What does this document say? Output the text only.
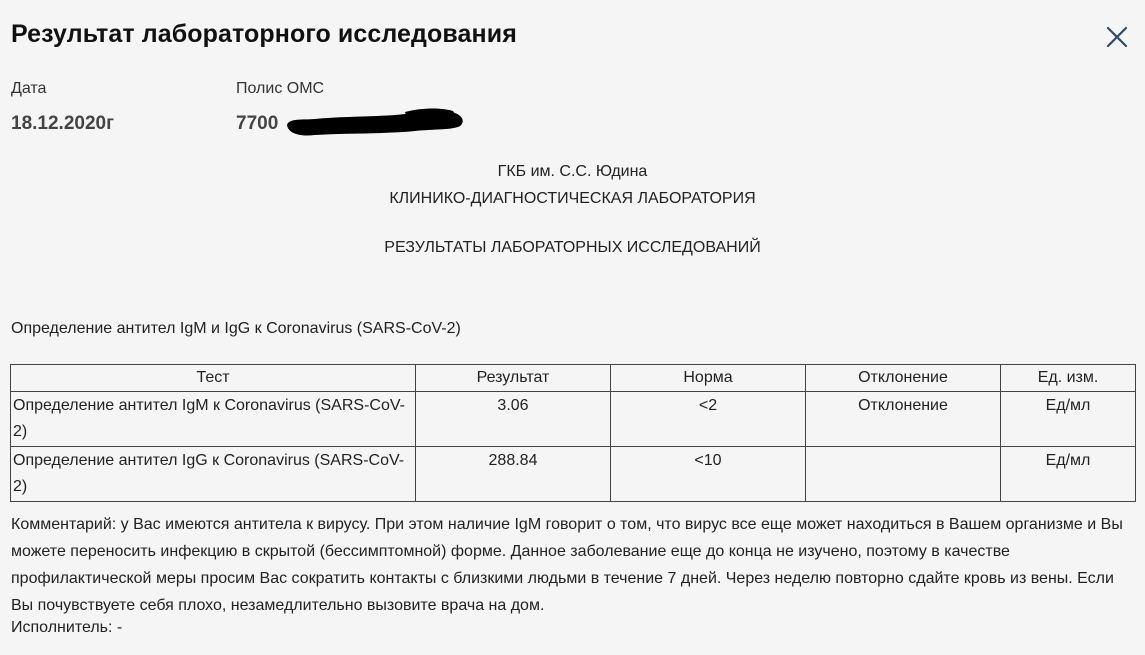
Результат лабораторного исследования
Дата
18.12.2020г
Полис ОМС
7700
ГКБ им. С.С. Юдина
КЛИНИКО-ДИАГНОСТИЧЕСКАЯ ЛАБОРАТОРИЯ
РЕЗУЛЬТАТЫ ЛАБОРАТОРНЫХ ИССЛЕДОВАНИЙ
Определение антител IgM и IgG к Coronavirus (SARS-CoV-2)
Тест	Результат	Норма	Отклонение	Ед. изм.
Определение антител IgM к Coronavirus (SARS-CoV-2)	3.06	<2	Отклонение	Ед/мл
Определение антител IgG к Coronavirus (SARS-CoV-2)	288.84	<10		Ед/мл
Комментарий: у Вас имеются антитела к вирусу. При этом наличие IgM говорит о том, что вирус все еще может находиться в Вашем организме и Вы можете переносить инфекцию в скрытой (бессимптомной) форме. Данное заболевание еще до конца не изучено, поэтому в качестве профилактической меры просим Вас сократить контакты с близкими людьми в течение 7 дней. Через неделю повторно сдайте кровь из вены. Если Вы почувствуете себя плохо, незамедлительно вызовите врача на дом.
Исполнитель: -
